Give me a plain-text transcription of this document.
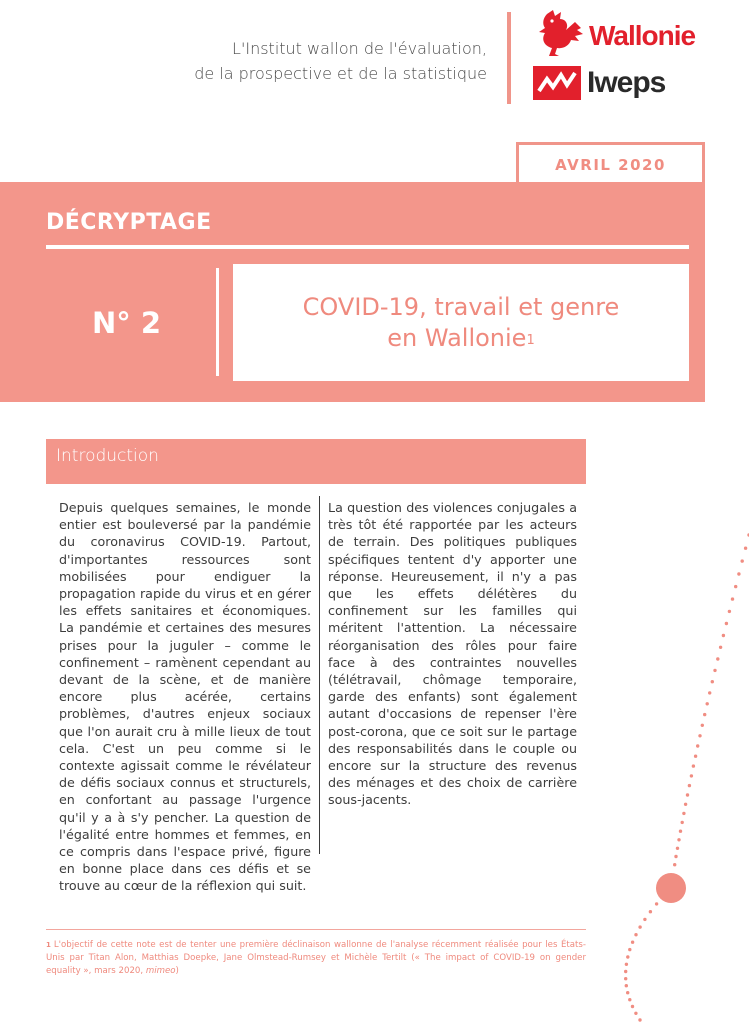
L'Institut wallon de l'évaluation,
de la prospective et de la statistique
Wallonie
Iweps
AVRIL 2020
DÉCRYPTAGE
N° 2	COVID-19, travail et genre
en Wallonie$^1$
Introduction
Depuis quelques semaines, le monde entier est bouleversé par la pandémie du coronavirus COVID-19. Partout, d'importantes ressources sont mobilisées pour endiguer la propagation rapide du virus et en gérer les effets sanitaires et économiques. La pandémie et certaines des mesures prises pour la juguler – comme le confinement – ramènent cependant au devant de la scène, et de manière encore plus acérée, certains problèmes, d'autres enjeux sociaux que l'on aurait cru à mille lieux de tout cela. C'est un peu comme si le contexte agissait comme le révélateur de défis sociaux connus et structurels, en confortant au passage l'urgence qu'il y a à s'y pencher. La question de l'égalité entre hommes et femmes, en ce compris dans l'espace privé, figure en bonne place dans ces défis et se trouve au cœur de la réflexion qui suit.
La question des violences conjugales a très tôt été rapportée par les acteurs de terrain. Des politiques publiques spécifiques tentent d'y apporter une réponse. Heureusement, il n'y a pas que les effets délétères du confinement sur les familles qui méritent l'attention. La nécessaire réorganisation des rôles pour faire face à des contraintes nouvelles (télétravail, chômage temporaire, garde des enfants) sont également autant d'occasions de repenser l'ère post-corona, que ce soit sur le partage des responsabilités dans le couple ou encore sur la structure des revenus des ménages et des choix de carrière sous-jacents.
$^1$ L'objectif de cette note est de tenter une première déclinaison wallonne de l'analyse récemment réalisée pour les États-Unis par Titan Alon, Matthias Doepke, Jane Olmstead-Rumsey et Michèle Tertilt (« The impact of COVID-19 on gender equality », mars 2020, mimeo)
